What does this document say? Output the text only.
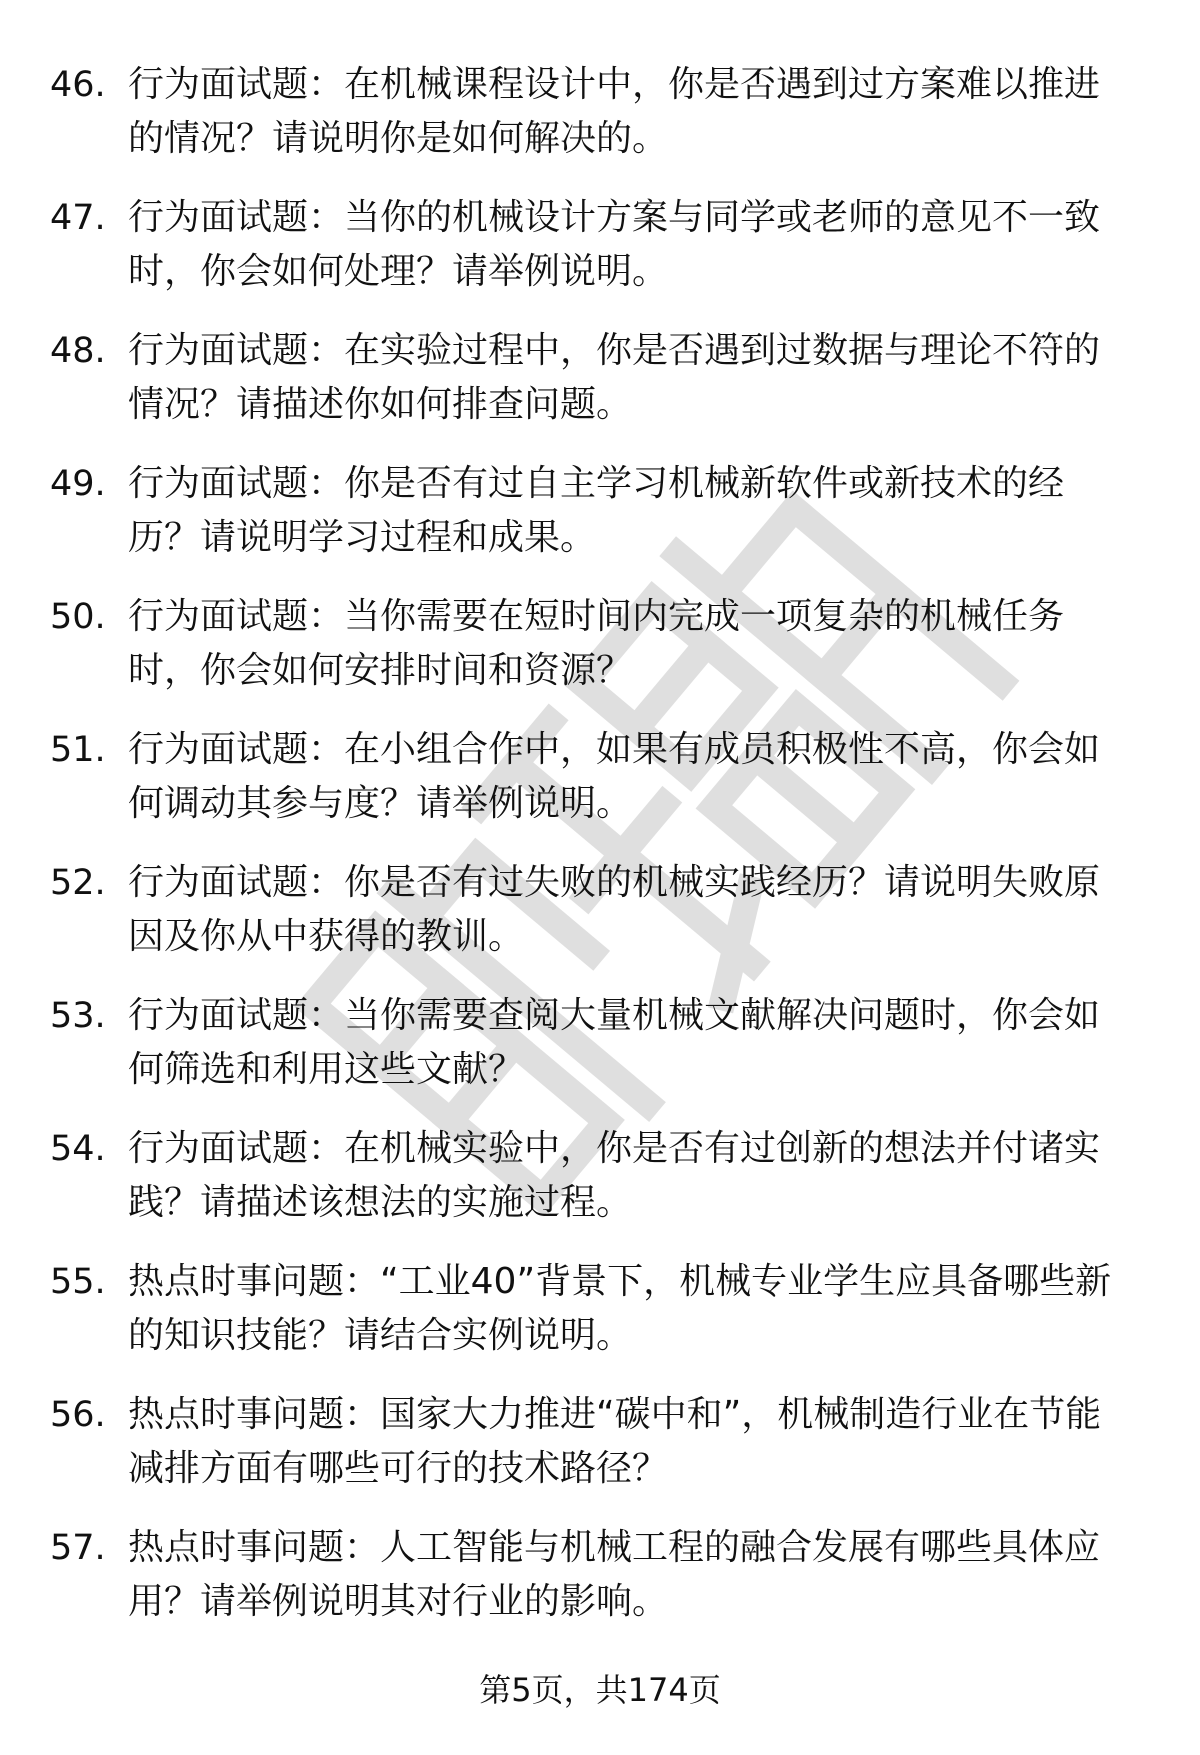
46. 行为面试题：在机械课程设计中，你是否遇到过方案难以推进的情况？请说明你是如何解决的。
47. 行为面试题：当你的机械设计方案与同学或老师的意见不一致时，你会如何处理？请举例说明。
48. 行为面试题：在实验过程中，你是否遇到过数据与理论不符的情况？请描述你如何排查问题。
49. 行为面试题：你是否有过自主学习机械新软件或新技术的经历？请说明学习过程和成果。
50. 行为面试题：当你需要在短时间内完成一项复杂的机械任务时，你会如何安排时间和资源？
51. 行为面试题：在小组合作中，如果有成员积极性不高，你会如何调动其参与度？请举例说明。
52. 行为面试题：你是否有过失败的机械实践经历？请说明失败原因及你从中获得的教训。
53. 行为面试题：当你需要查阅大量机械文献解决问题时，你会如何筛选和利用这些文献？
54. 行为面试题：在机械实验中，你是否有过创新的想法并付诸实践？请描述该想法的实施过程。
55. 热点时事问题：“工业40”背景下，机械专业学生应具备哪些新的知识技能？请结合实例说明。
56. 热点时事问题：国家大力推进“碳中和”，机械制造行业在节能减排方面有哪些可行的技术路径？
57. 热点时事问题：人工智能与机械工程的融合发展有哪些具体应用？请举例说明其对行业的影响。
第5页，共174页
